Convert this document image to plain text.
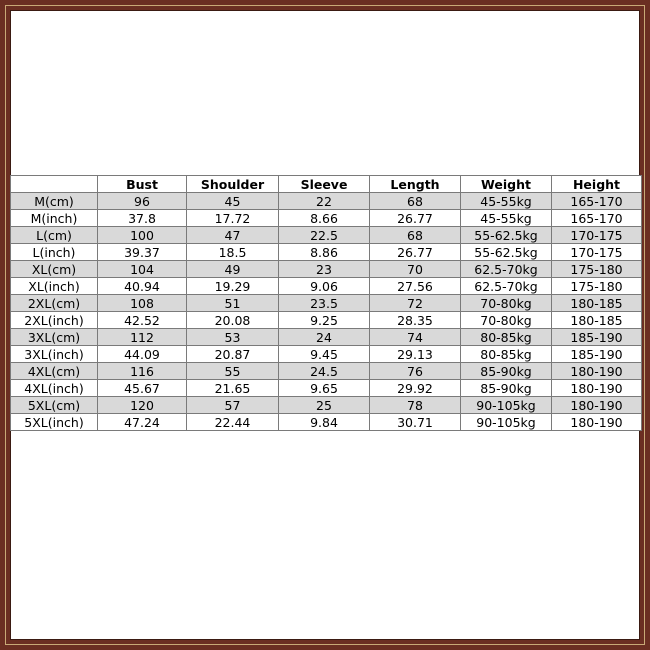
	Bust	Shoulder	Sleeve	Length	Weight	Height
M(cm)	96	45	22	68	45-55kg	165-170
M(inch)	37.8	17.72	8.66	26.77	45-55kg	165-170
L(cm)	100	47	22.5	68	55-62.5kg	170-175
L(inch)	39.37	18.5	8.86	26.77	55-62.5kg	170-175
XL(cm)	104	49	23	70	62.5-70kg	175-180
XL(inch)	40.94	19.29	9.06	27.56	62.5-70kg	175-180
2XL(cm)	108	51	23.5	72	70-80kg	180-185
2XL(inch)	42.52	20.08	9.25	28.35	70-80kg	180-185
3XL(cm)	112	53	24	74	80-85kg	185-190
3XL(inch)	44.09	20.87	9.45	29.13	80-85kg	185-190
4XL(cm)	116	55	24.5	76	85-90kg	180-190
4XL(inch)	45.67	21.65	9.65	29.92	85-90kg	180-190
5XL(cm)	120	57	25	78	90-105kg	180-190
5XL(inch)	47.24	22.44	9.84	30.71	90-105kg	180-190
